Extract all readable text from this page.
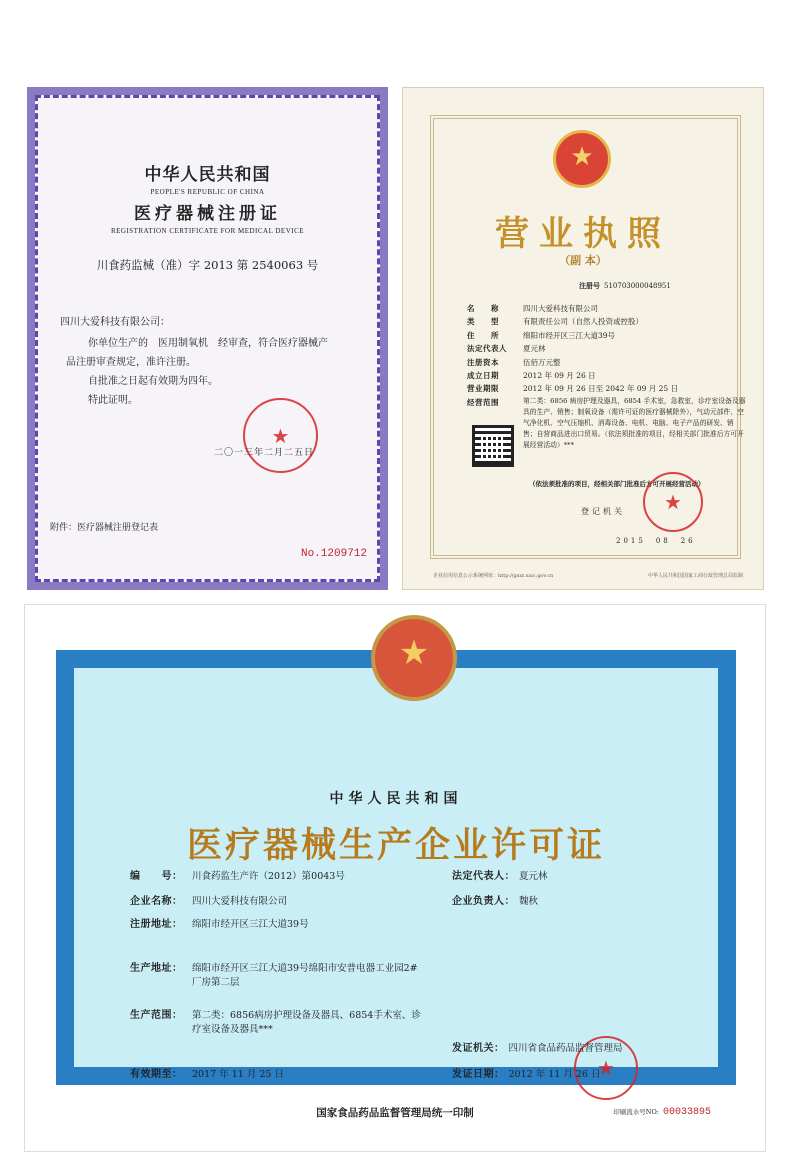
中华人民共和国
PEOPLE'S REPUBLIC OF CHINA
医疗器械注册证
REGISTRATION CERTIFICATE FOR MEDICAL DEVICE
川食药监械（准）字 2013 第 2540063 号
四川大爱科技有限公司：
你单位生产的　医用制氧机　经审查，符合医疗器械产
品注册审查规定，准许注册。
自批准之日起有效期为四年。
特此证明。
★
二〇一三年二月二五日
附件：医疗器械注册登记表
No.1209712
★
营业执照
（副 本）
注册号 510703000048951
名　　称	四川大爱科技有限公司
类　　型	有限责任公司（自然人投资或控股）
住　　所	绵阳市经开区三江大道39号
法定代表人	夏元林
注册资本	伍佰万元整
成立日期	2012 年 09 月 26 日
营业期限	2012 年 09 月 26 日至 2042 年 09 月 25 日
经营范围	第二类：6856 病房护理及器具，6854 手术室，急救室，诊疗室设备及器具的生产、销售；制氧设备（需许可证的医疗器械除外），气动元部件、空气净化机、空气压缩机、消毒设备、电机、电脑、电子产品的研发、销售；自营商品进出口贸易。（依法须批准的项目，经相关部门批准后方可开展经营活动）***
（依法须批准的项目，经相关部门批准后方可开展经营活动）
★
登记机关
2015　08　26
企业信用信息公示系统网址：http://gsxt.saic.gov.cn	中华人民共和国国家工商行政管理总局监制
中华人民共和国
医疗器械生产企业许可证
编　　号：	川食药监生产许（2012）第0043号
企业名称：	四川大爱科技有限公司
注册地址：	绵阳市经开区三江大道39号
生产地址：	绵阳市经开区三江大道39号绵阳市安普电器工业园2#厂房第二层
生产范围：	第二类：6856病房护理设备及器具、6854手术室、诊疗室设备及器具***
有效期至：	2017 年 11 月 25 日
法定代表人： 夏元林
企业负责人： 魏秋
★
发证机关： 四川省食品药品监督管理局
发证日期： 2012 年 11 月 26 日
★
国家食品药品监督管理局统一印制	印刷流水号NO: 00033895
